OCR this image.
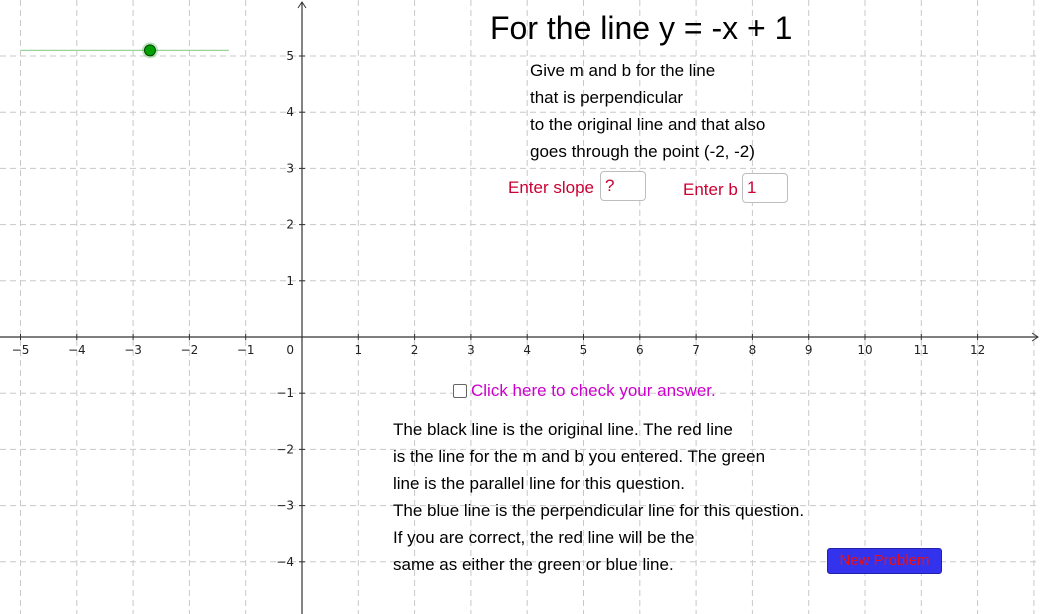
−5	−4	−3	−2	−1	1	2	3	4	5	6	7	8	9	10	11	12
0
−4
−3
−2
−1
1
2
3
4
5
For the line y = -x + 1
Give m and b for the line
that is perpendicular
to the original line and that also
goes through the point (-2, -2)
Enter slope ?	Enter b 1
Click here to check your answer.
The black line is the original line. The red line
is the line for the m and b you entered. The green
line is the parallel line for this question.
The blue line is the perpendicular line for this question.
If you are correct, the red line will be the
same as either the green or blue line.	New Problem
